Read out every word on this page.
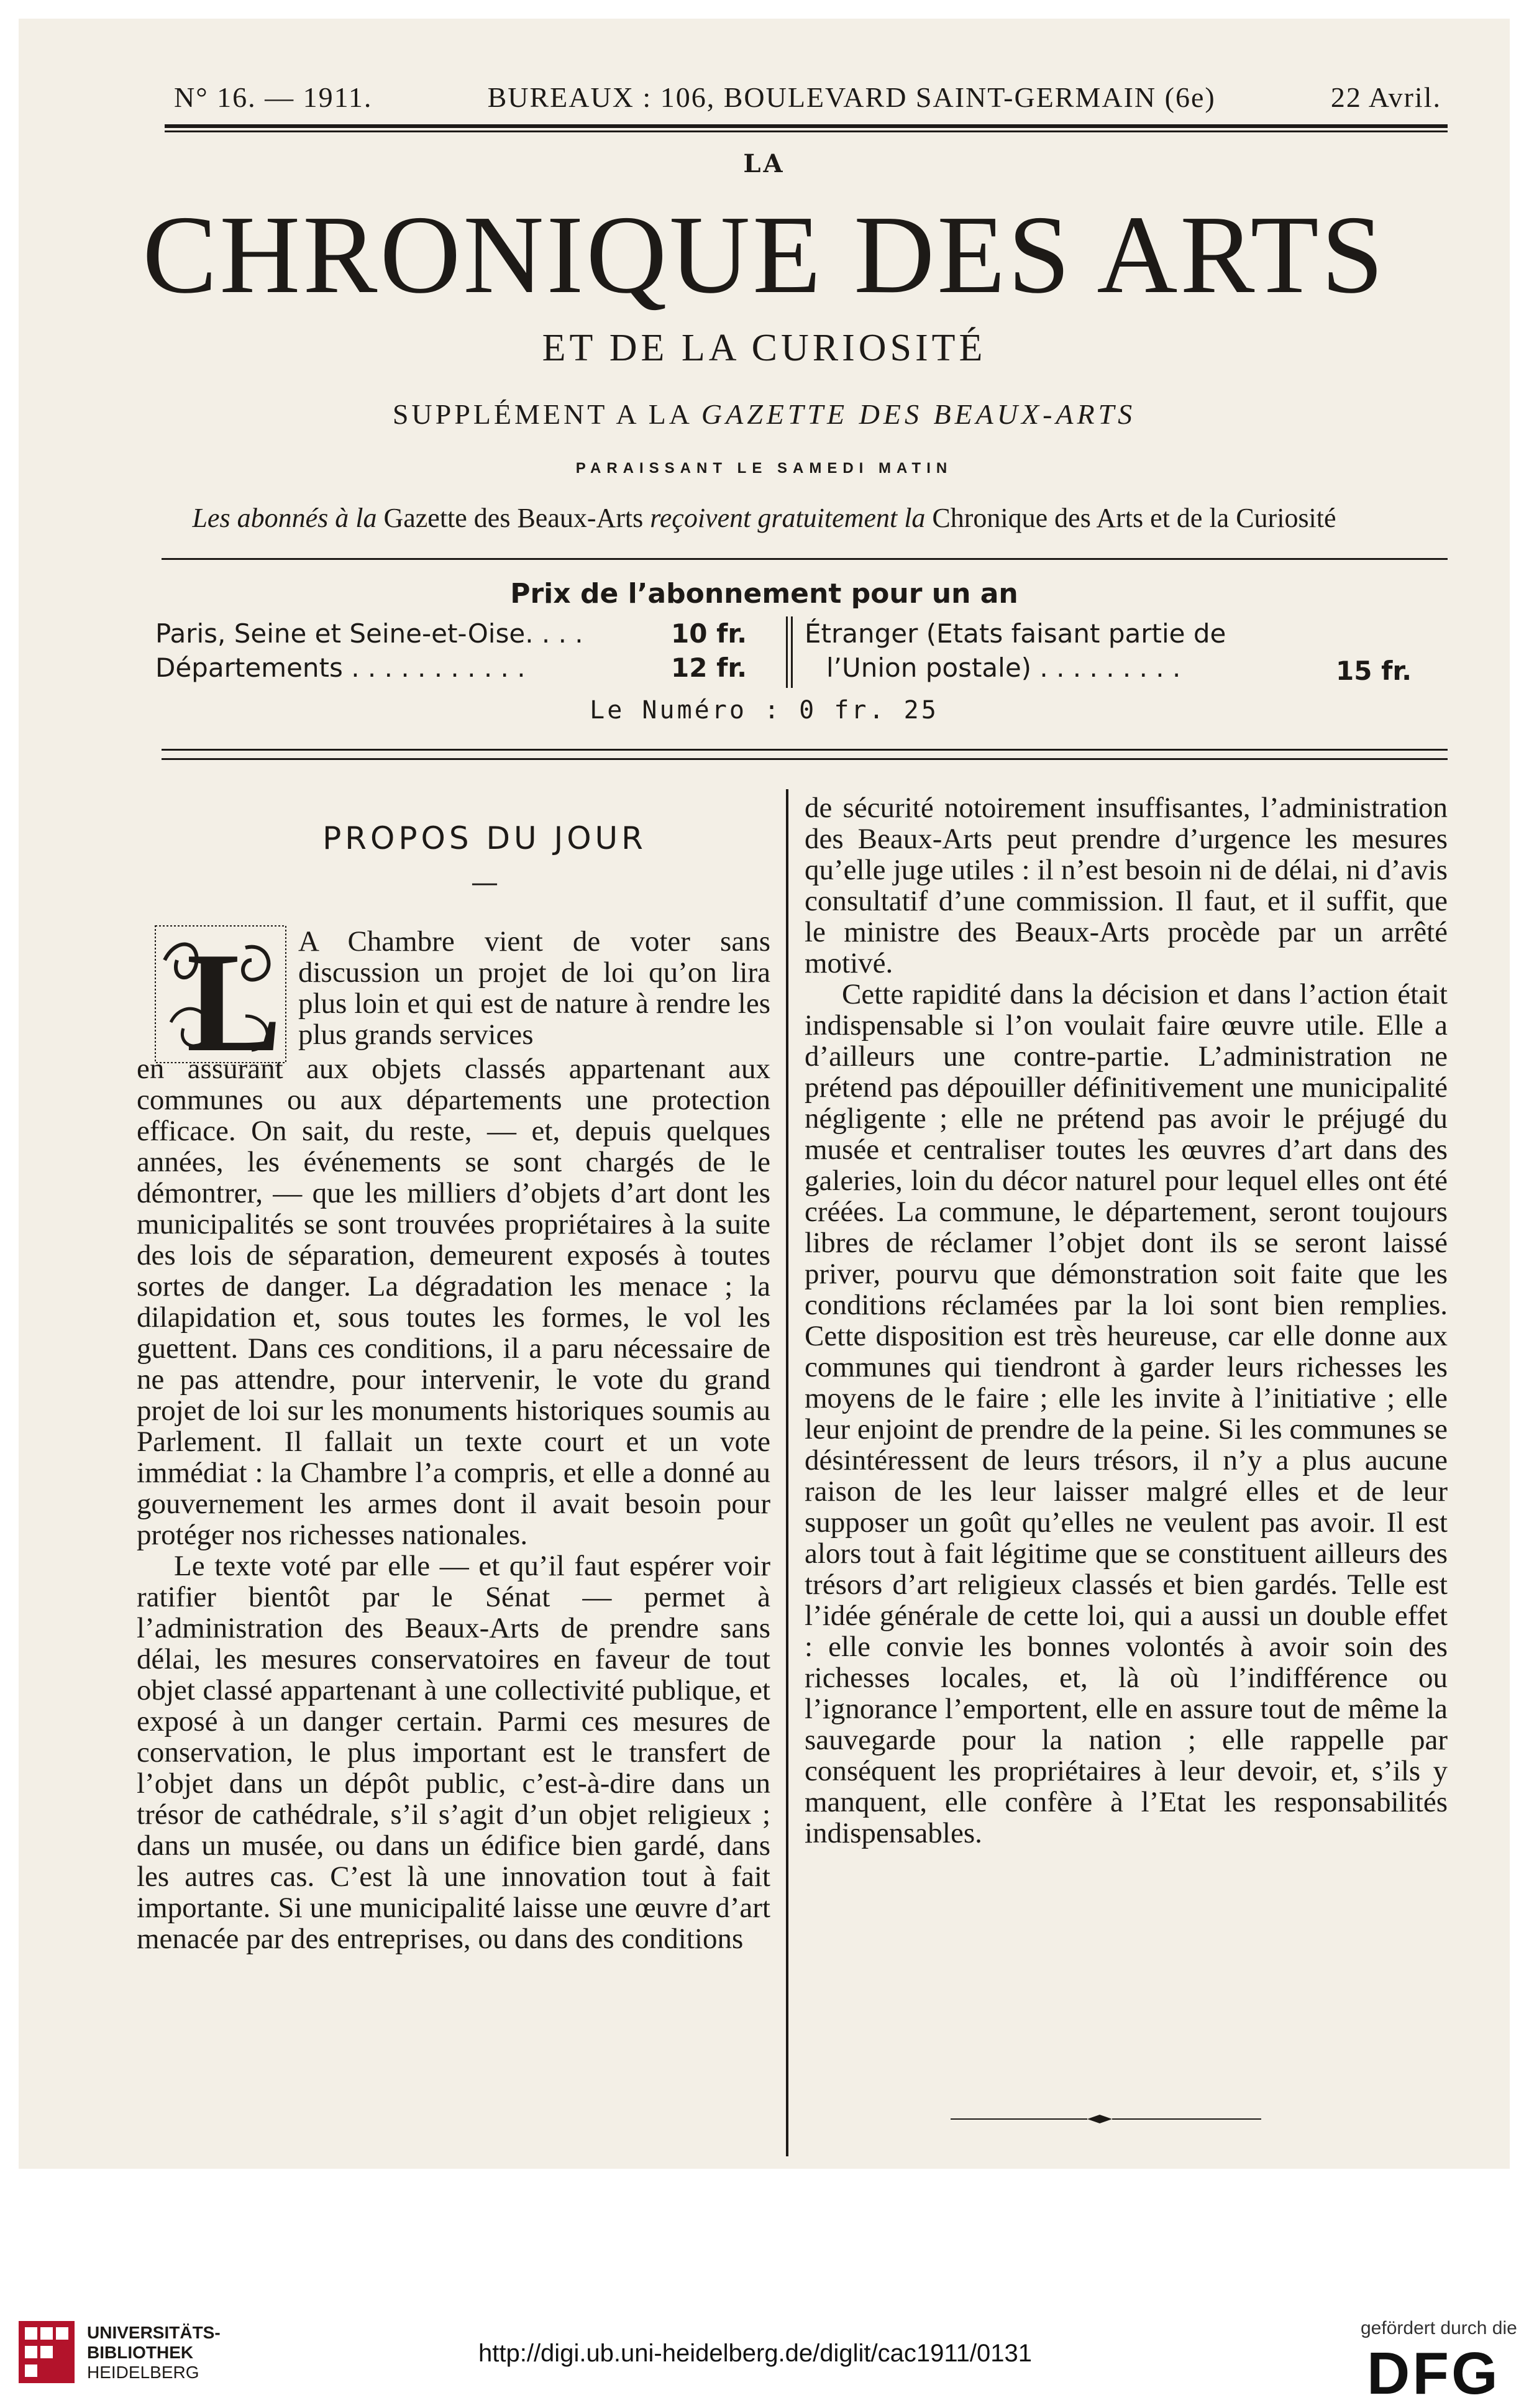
N° 16. — 1911.	BUREAUX : 106, BOULEVARD SAINT-GERMAIN (6e)	22 Avril.
LA
CHRONIQUE DES ARTS
ET DE LA CURIOSITÉ
SUPPLÉMENT A LA GAZETTE DES BEAUX-ARTS
PARAISSANT LE SAMEDI MATIN
Les abonnés à la Gazette des Beaux-Arts reçoivent gratuitement la Chronique des Arts et de la Curiosité
Prix de l’abonnement pour un an
Paris, Seine et Seine-et-Oise. . . .	10 fr.
Départements . . . . . . . . . . .	12 fr.
Étranger (Etats faisant partie de
l’Union postale) . . . . . . . . .	15 fr.
Le Numéro : 0 fr. 25
PROPOS DU JOUR
—
L A Chambre vient de voter sans discussion un projet de loi qu’on lira plus loin et qui est de nature à rendre les plus grands services

en assurant aux objets classés appartenant aux communes ou aux départements une protection efficace. On sait, du reste, — et, depuis quelques années, les événements se sont chargés de le démontrer, — que les milliers d’objets d’art dont les municipalités se sont trouvées propriétaires à la suite des lois de séparation, demeurent exposés à toutes sortes de danger. La dégradation les menace ; la dilapidation et, sous toutes les formes, le vol les guettent. Dans ces conditions, il a paru nécessaire de ne pas attendre, pour intervenir, le vote du grand projet de loi sur les monuments historiques soumis au Parlement. Il fallait un texte court et un vote immédiat : la Chambre l’a compris, et elle a donné au gouvernement les armes dont il avait besoin pour protéger nos richesses nationales.

Le texte voté par elle — et qu’il faut espérer voir ratifier bientôt par le Sénat — permet à l’administration des Beaux-Arts de prendre sans délai, les mesures conservatoires en faveur de tout objet classé appartenant à une collectivité publique, et exposé à un danger certain. Parmi ces mesures de conservation, le plus important est le transfert de l’objet dans un dépôt public, c’est-à-dire dans un trésor de cathédrale, s’il s’agit d’un objet religieux ; dans un musée, ou dans un édifice bien gardé, dans les autres cas. C’est là une innovation tout à fait importante. Si une municipalité laisse une œuvre d’art menacée par des entreprises, ou dans des conditions

de sécurité notoirement insuffisantes, l’administration des Beaux-Arts peut prendre d’urgence les mesures qu’elle juge utiles : il n’est besoin ni de délai, ni d’avis consultatif d’une commission. Il faut, et il suffit, que le ministre des Beaux-Arts procède par un arrêté motivé.

Cette rapidité dans la décision et dans l’action était indispensable si l’on voulait faire œuvre utile. Elle a d’ailleurs une contre-partie. L’administration ne prétend pas dépouiller définitivement une municipalité négligente ; elle ne prétend pas avoir le préjugé du musée et centraliser toutes les œuvres d’art dans des galeries, loin du décor naturel pour lequel elles ont été créées. La commune, le département, seront toujours libres de réclamer l’objet dont ils se seront laissé priver, pourvu que démonstration soit faite que les conditions réclamées par la loi sont bien remplies. Cette disposition est très heureuse, car elle donne aux communes qui tiendront à garder leurs richesses les moyens de le faire ; elle les invite à l’initiative ; elle leur enjoint de prendre de la peine. Si les communes se désintéressent de leurs trésors, il n’y a plus aucune raison de les leur laisser malgré elles et de leur supposer un goût qu’elles ne veulent pas avoir. Il est alors tout à fait légitime que se constituent ailleurs des trésors d’art religieux classés et bien gardés. Telle est l’idée générale de cette loi, qui a aussi un double effet : elle convie les bonnes volontés à avoir soin des richesses locales, et, là où l’indifférence ou l’ignorance l’emportent, elle en assure tout de même la sauvegarde pour la nation ; elle rappelle par conséquent les propriétaires à leur devoir, et, s’ils y manquent, elle confère à l’Etat les responsabilités indispensables.

UNIVERSITÄTS-
BIBLIOTHEK
HEIDELBERG
http://digi.ub.uni-heidelberg.de/diglit/cac1911/0131
gefördert durch die
DFG
